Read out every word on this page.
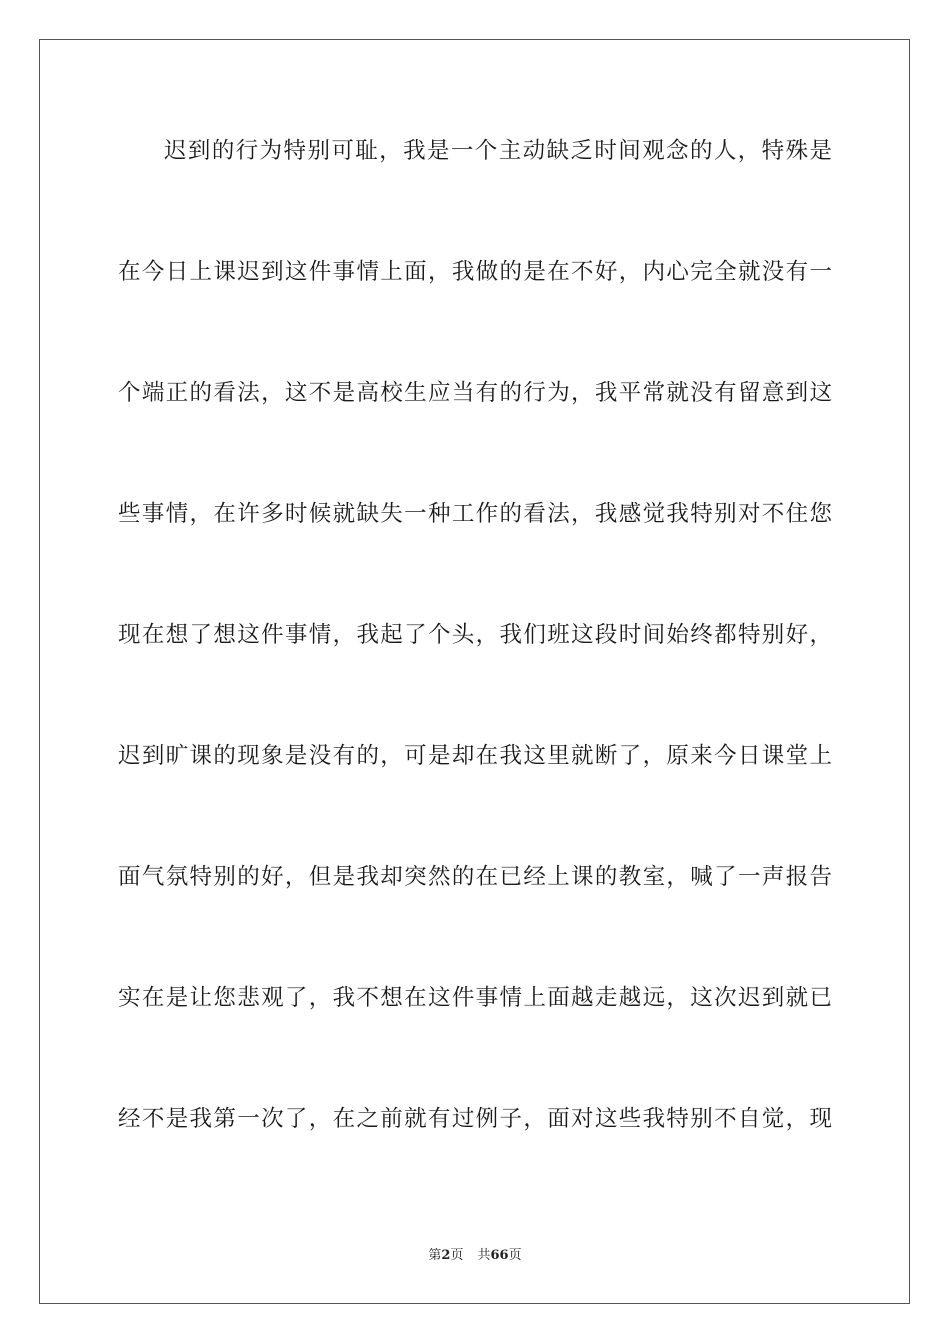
迟到的行为特别可耻，我是一个主动缺乏时间观念的人，特殊是
在今日上课迟到这件事情上面，我做的是在不好，内心完全就没有一
个端正的看法，这不是高校生应当有的行为，我平常就没有留意到这
些事情，在许多时候就缺失一种工作的看法，我感觉我特别对不住您
现在想了想这件事情，我起了个头，我们班这段时间始终都特别好，
迟到旷课的现象是没有的，可是却在我这里就断了，原来今日课堂上
面气氛特别的好，但是我却突然的在已经上课的教室，喊了一声报告
实在是让您悲观了，我不想在这件事情上面越走越远，这次迟到就已
经不是我第一次了，在之前就有过例子，面对这些我特别不自觉，现
第2页 共66页
